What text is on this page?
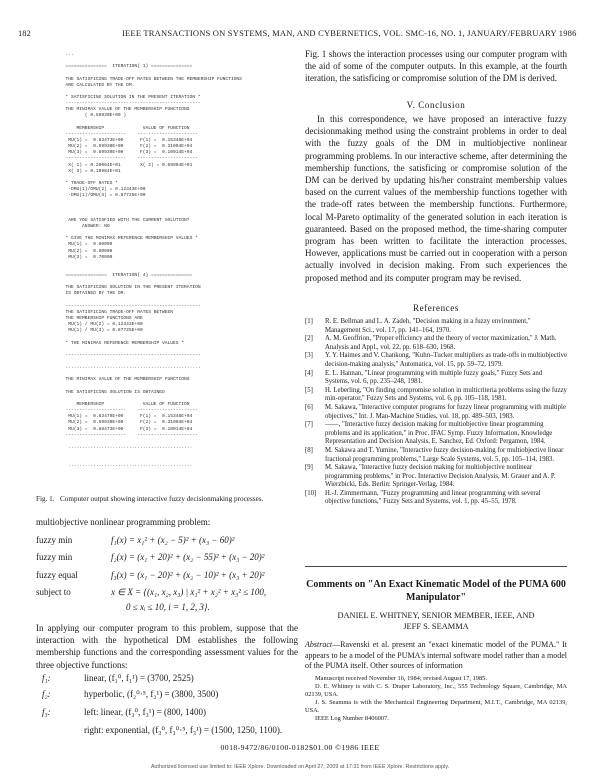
182	IEEE TRANSACTIONS ON SYSTEMS, MAN, AND CYBERNETICS, VOL. SMC-16, NO. 1, JANUARY/FEBRUARY 1986
...
===============  ITERATION( 1) ===============
THE SATISFICING TRADE-OFF RATES BETWEEN THE MEMBERSHIP FUNCTIONS
ARE CALCULATED BY THE DM.
* SATISFICING SOLUTION IN THE PRESENT ITERATION *
-------------------------------------------------
THE MINIMAX VALUE OF THE MEMBERSHIP FUNCTIONS
( 0.59930E+00 )
MEMBERSHIP              VALUE OF FUNCTION
----------------------    ----------------------
MU(1) =  0.63473E+00      F(1) =  0.15348E+04
MU(2) =  0.59930E+00      F(2) =  0.31004E+04
MU(3) =  0.59930E+00      F(3) =  0.10014E+04
----------------------    ----------------------
X( 1) = 0.20064E+01       X( 2) = 0.69904E+01
X( 3) = 0.19964E+01
* TRADE-OFF RATES *
-DMU(1)/DMU(2) = 0.12343E+00
-DMU(1)/DMU(3) = 0.87725E+00
ARE YOU SATISFIED WITH THE CURRENT SOLUTION?
ANSWER: NO
* GIVE THE MINIMAX REFERENCE MEMBERSHIP VALUES *
MU(1) =  0.60000
MU(2) =  0.60000
MU(3) =  0.70000
===============  ITERATION( 4) ===============
THE SATISFICING SOLUTION IN THE PRESENT ITERATION
IS OBTAINED BY THE DM.
-------------------------------------------------
THE SATISFICING TRADE-OFF RATES BETWEEN
THE MEMBERSHIP FUNCTIONS ARE
MU(1) / MU(2) = 0.12343E+00
MU(1) / MU(3) = 0.87725E+00
* THE MINIMAX REFERENCE MEMBERSHIP VALUES *
-------------------------------------------------
.................................................
THE MINIMAX VALUE OF THE MEMBERSHIP FUNCTIONS
THE SATISFICING SOLUTION IS OBTAINED
MEMBERSHIP              VALUE OF FUNCTION
----------------------    ----------------------
MU(1) =  0.63479E+00      F(1) =  0.15348E+04
MU(2) =  0.59930E+00      F(2) =  0.31004E+04
MU(3) =  0.68473E+00      F(3) =  0.10014E+04
----------------------    ----------------------
.............................................
.............................................
Fig. 1. Computer output showing interactive fuzzy decisionmaking processes.
multiobjective nonlinear programming problem:
fuzzy min	f₁(x) = x₁² + (x₂ − 5)² + (x₃ − 60)²
fuzzy min	f₂(x) = (x₁ + 20)² + (x₂ − 55)² + (x₃ − 20)²
fuzzy equal	f₃(x) = (x₁ − 20)² + (x₂ − 10)² + (x₃ + 20)²
subject to	x ∈ X = {(x₁, x₂, x₃) | x₁² + x₂² + x₃² ≤ 100,
0 ≤ xᵢ ≤ 10, i = 1, 2, 3}.
In applying our computer program to this problem, suppose that the interaction with the hypothetical DM establishes the following membership functions and the corresponding assessment values for the three objective functions:
f₁:	linear, (f₁⁰, f₁¹) = (3700, 2525)
f₂:	hyperbolic, (f₂⁰·⁵, f₂¹) = (3800, 3500)
f₃:	left: linear, (f₃⁰, f₃¹) = (800, 1400)
right: exponential, (f₃⁰, f₃⁰·⁵, f₃¹) = (1500, 1250, 1100).
Fig. 1 shows the interaction processes using our computer program with the aid of some of the computer outputs. In this example, at the fourth iteration, the satisficing or compromise solution of the DM is derived.
V. Conclusion
In this correspondence, we have proposed an interactive fuzzy decisionmaking method using the constraint problems in order to deal with the fuzzy goals of the DM in multiobjective nonlinear programming problems. In our interactive scheme, after determining the membership functions, the satisficing or compromise solution of the DM can be derived by updating his/her constraint membership values based on the current values of the membership functions together with the trade-off rates between the membership functions. Furthermore, local M-Pareto optimality of the generated solution in each iteration is guaranteed. Based on the proposed method, the time-sharing computer program has been written to facilitate the interaction processes. However, applications must be carried out in cooperation with a person actually involved in decision making. From such experiences the proposed method and its computer program may be revised.
References

[1] R. E. Bellman and L. A. Zadeh, "Decision making in a fuzzy environment," Management Sci., vol. 17, pp. 141–164, 1970.

[2] A. M. Geoffrion, "Proper efficiency and the theory of vector maximization," J. Math. Analysis and Appl., vol. 22, pp. 618–630, 1968.

[3] Y. Y. Haimes and V. Chankong, "Kuhn–Tucker multipliers as trade-offs in multiobjective decision-making analysis," Automatica, vol. 15, pp. 59–72, 1979.

[4] E. L. Hannan, "Linear programming with multiple fuzzy goals," Fuzzy Sets and Systems, vol. 6, pp. 235–248, 1981.

[5] H. Leberling, "On finding compromise solution in multicriteria problems using the fuzzy min-operator," Fuzzy Sets and Systems, vol. 6, pp. 105–118, 1981.

[6] M. Sakawa, "Interactive computer programs for fuzzy linear programming with multiple objectives," Int. J. Man-Machine Studies, vol. 18, pp. 489–503, 1983.

[7] ——, "Interactive fuzzy decision making for multiobjective linear programming problems and its application," in Proc. IFAC Symp. Fuzzy Information, Knowledge Representation and Decision Analysis, E. Sanchez, Ed. Oxford: Pergamon, 1984.

[8] M. Sakawa and T. Yumine, "Interactive fuzzy decision-making for multiobjective linear fractional programming problems," Large Scale Systems, vol. 5, pp. 105–114, 1983.

[9] M. Sakawa, "Interactive fuzzy decision making for multiobjective nonlinear programming problems," in Proc. Interactive Decision Analysis, M. Grauer and A. P. Wierzbicki, Eds. Berlin: Springer-Verlag, 1984.

[10] H.-J. Zimmermann, "Fuzzy programming and linear programming with several objective functions," Fuzzy Sets and Systems, vol. 1, pp. 45–55, 1978.

Comments on "An Exact Kinematic Model of the PUMA 600 Manipulator"
DANIEL E. WHITNEY, SENIOR MEMBER, IEEE, AND
JEFF S. SEAMMA
Abstract—Ravenski et al. present an "exact kinematic model of the PUMA." It appears to be a model of the PUMA's internal software model rather than a model of the PUMA itself. Other sources of information

Manuscript received November 16, 1984; revised August 17, 1985.

D. E. Whitney is with C. S. Draper Laboratory, Inc., 555 Technology Square, Cambridge, MA 02139, USA.

J. S. Seamma is with the Mechanical Engineering Department, M.I.T., Cambridge, MA 02139, USA.

IEEE Log Number 8406007.

0018-9472/86/0100-0182$01.00 ©1986 IEEE
Authorized licensed use limited to: IEEE Xplore. Downloaded on April 27, 2009 at 17:31 from IEEE Xplore. Restrictions apply.
